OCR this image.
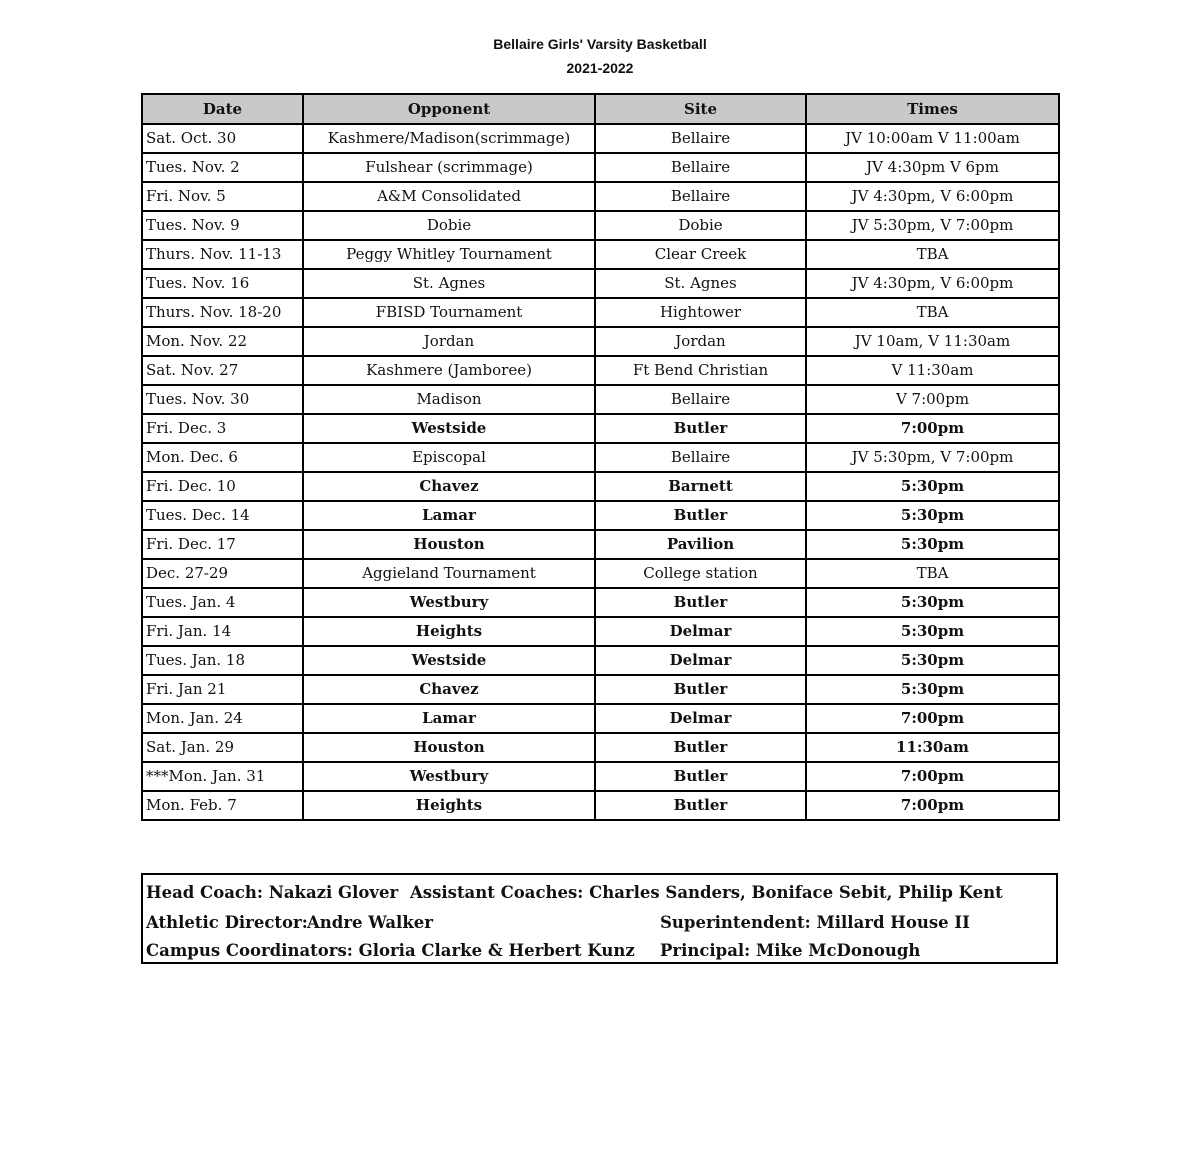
Bellaire Girls' Varsity Basketball
2021-2022
Date	Opponent	Site	Times
Sat. Oct. 30	Kashmere/Madison(scrimmage)	Bellaire	JV 10:00am V 11:00am
Tues. Nov. 2	Fulshear (scrimmage)	Bellaire	JV 4:30pm V 6pm
Fri. Nov. 5	A&M Consolidated	Bellaire	JV 4:30pm, V 6:00pm
Tues. Nov. 9	Dobie	Dobie	JV 5:30pm, V 7:00pm
Thurs. Nov. 11-13	Peggy Whitley Tournament	Clear Creek	TBA
Tues. Nov. 16	St. Agnes	St. Agnes	JV 4:30pm, V 6:00pm
Thurs. Nov. 18-20	FBISD Tournament	Hightower	TBA
Mon. Nov. 22	Jordan	Jordan	JV 10am, V 11:30am
Sat. Nov. 27	Kashmere (Jamboree)	Ft Bend Christian	V 11:30am
Tues. Nov. 30	Madison	Bellaire	V 7:00pm
Fri. Dec. 3	Westside	Butler	7:00pm
Mon. Dec. 6	Episcopal	Bellaire	JV 5:30pm, V 7:00pm
Fri. Dec. 10	Chavez	Barnett	5:30pm
Tues. Dec. 14	Lamar	Butler	5:30pm
Fri. Dec. 17	Houston	Pavilion	5:30pm
Dec. 27-29	Aggieland Tournament	College station	TBA
Tues. Jan. 4	Westbury	Butler	5:30pm
Fri. Jan. 14	Heights	Delmar	5:30pm
Tues. Jan. 18	Westside	Delmar	5:30pm
Fri. Jan 21	Chavez	Butler	5:30pm
Mon. Jan. 24	Lamar	Delmar	7:00pm
Sat. Jan. 29	Houston	Butler	11:30am
***Mon. Jan. 31	Westbury	Butler	7:00pm
Mon. Feb. 7	Heights	Butler	7:00pm
Head Coach: Nakazi Glover Assistant Coaches: Charles Sanders, Boniface Sebit, Philip Kent
Athletic Director: Andre Walker	Superintendent: Millard House II
Campus Coordinators: Gloria Clarke & Herbert Kunz Principal: Mike McDonough
